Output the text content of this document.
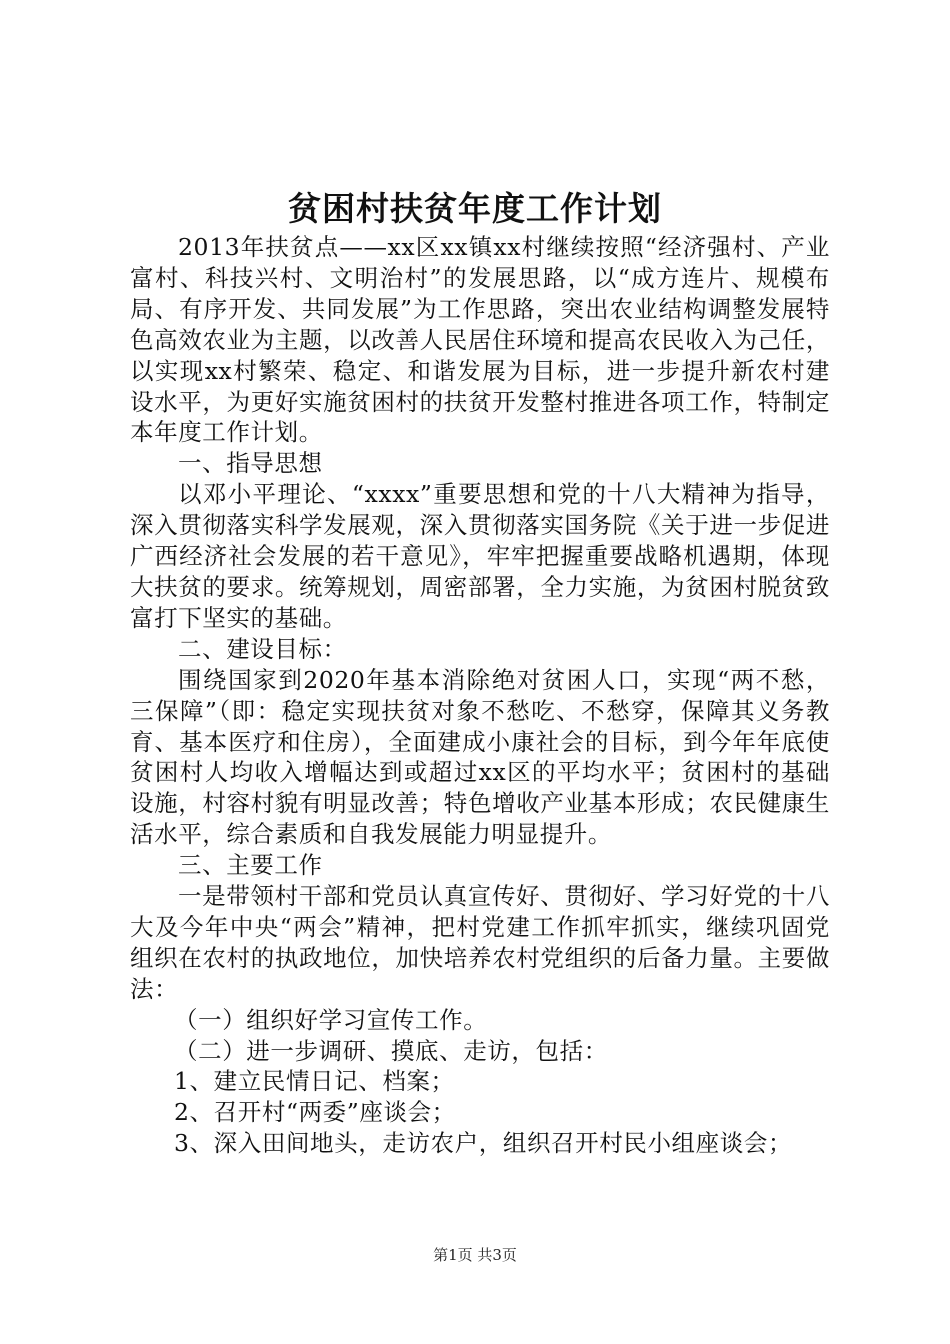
贫困村扶贫年度工作计划

2013年扶贫点——xx区xx镇xx村继续按照“经济强村、产业富村、科技兴村、文明治村”的发展思路，以“成方连片、规模布局、有序开发、共同发展”为工作思路，突出农业结构调整发展特色高效农业为主题，以改善人民居住环境和提高农民收入为己任，以实现xx村繁荣、稳定、和谐发展为目标，进一步提升新农村建设水平，为更好实施贫困村的扶贫开发整村推进各项工作，特制定本年度工作计划。

一、指导思想

以邓小平理论、“xxxx”重要思想和党的十八大精神为指导，深入贯彻落实科学发展观，深入贯彻落实国务院《关于进一步促进广西经济社会发展的若干意见》，牢牢把握重要战略机遇期，体现大扶贫的要求。统筹规划，周密部署，全力实施，为贫困村脱贫致富打下坚实的基础。

二、建设目标：

围绕国家到2020年基本消除绝对贫困人口，实现“两不愁，三保障”（即：稳定实现扶贫对象不愁吃、不愁穿，保障其义务教育、基本医疗和住房），全面建成小康社会的目标，到今年年底使贫困村人均收入增幅达到或超过xx区的平均水平；贫困村的基础设施，村容村貌有明显改善；特色增收产业基本形成；农民健康生活水平，综合素质和自我发展能力明显提升。

三、主要工作

一是带领村干部和党员认真宣传好、贯彻好、学习好党的十八大及今年中央“两会”精神，把村党建工作抓牢抓实，继续巩固党组织在农村的执政地位，加快培养农村党组织的后备力量。主要做法：

（一）组织好学习宣传工作。

（二）进一步调研、摸底、走访，包括：

1、建立民情日记、档案；

2、召开村“两委”座谈会；

3、深入田间地头，走访农户，组织召开村民小组座谈会；

第1页 共3页
